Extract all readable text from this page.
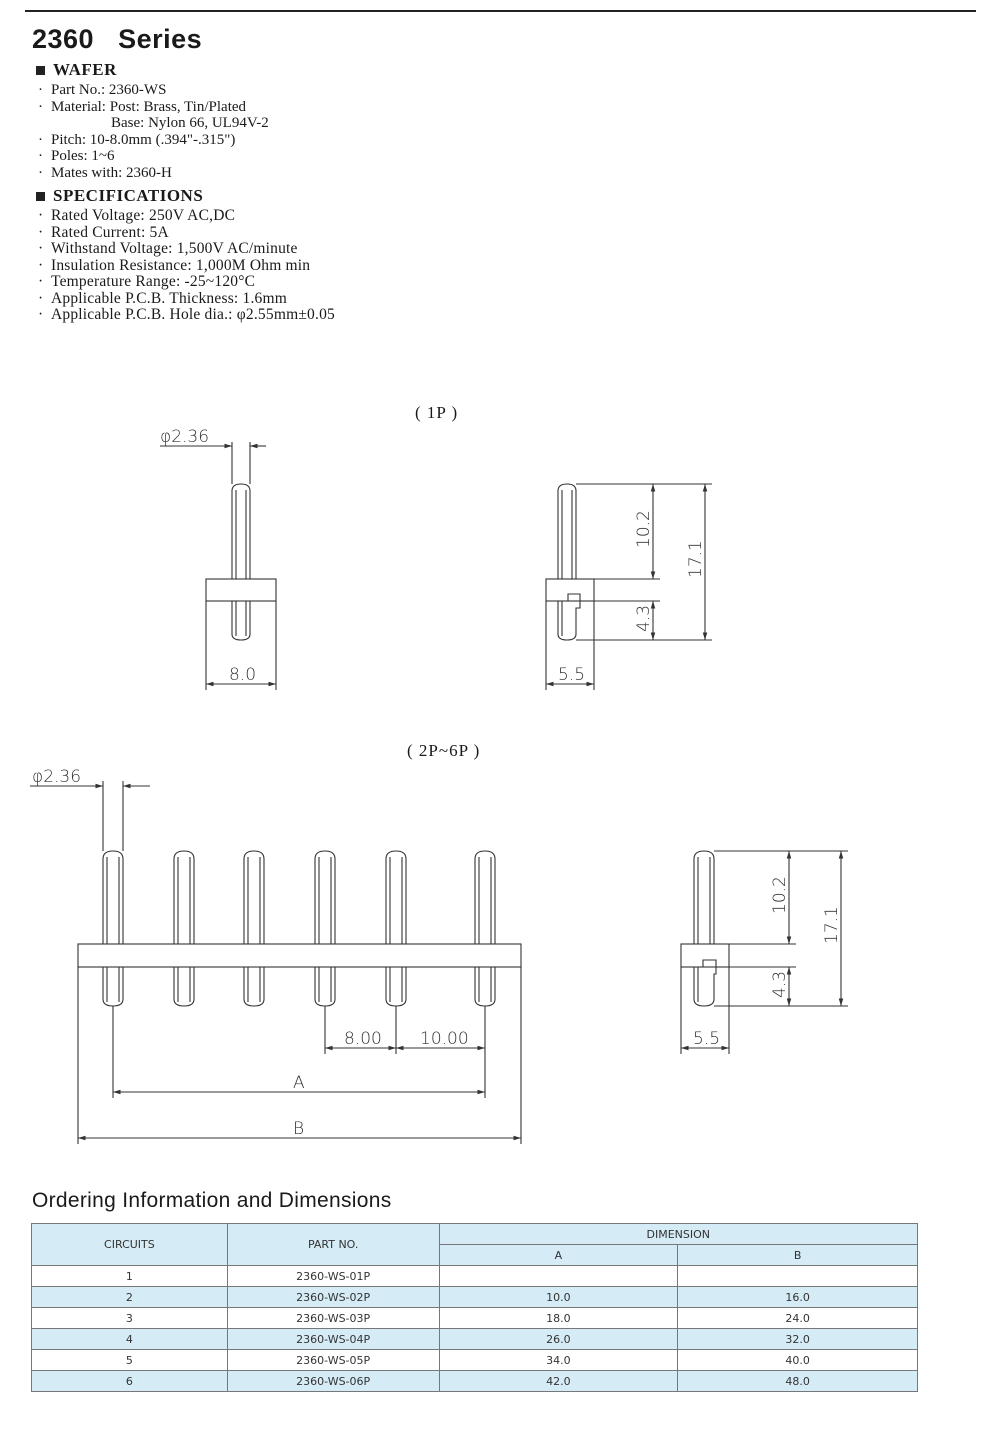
2360   Series
WAFER
· Part No.: 2360-WS
· Material: Post: Brass, Tin/Plated
Base: Nylon 66, UL94V-2
· Pitch: 10-8.0mm (.394"-.315")
· Poles: 1~6
· Mates with: 2360-H
SPECIFICATIONS
· Rated Voltage: 250V AC,DC
· Rated Current: 5A
· Withstand Voltage: 1,500V AC/minute
· Insulation Resistance: 1,000M Ohm min
· Temperature Range: -25~120°C
· Applicable P.C.B. Thickness: 1.6mm
· Applicable P.C.B. Hole dia.: φ2.55mm±0.05
( 1P )
( 2P~6P )
φ2.36
8.0	5.5
10.2
4.3
17.1
φ2.36
8.00 10.00
A
B
5.5
10.2
4.3
17.1
Ordering Information and Dimensions
CIRCUITS	PART NO.	DIMENSION	
		A	B
1	2360-WS-01P		
2	2360-WS-02P	10.0	16.0
3	2360-WS-03P	18.0	24.0
4	2360-WS-04P	26.0	32.0
5	2360-WS-05P	34.0	40.0
6	2360-WS-06P	42.0	48.0
